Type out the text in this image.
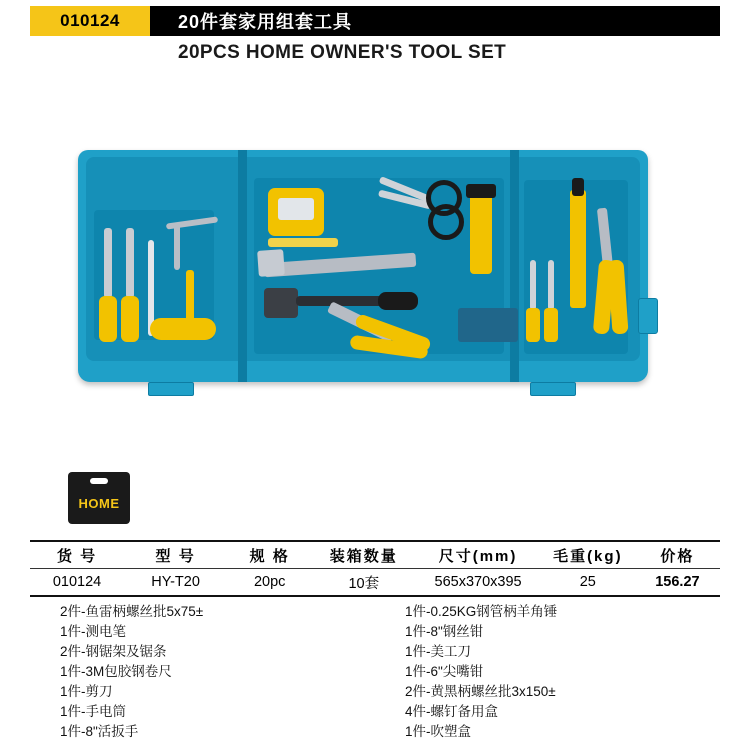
010124	20件套家用组套工具
20PCS HOME OWNER'S TOOL SET
HOME
货 号	型 号	规 格	装箱数量	尺寸(mm)	毛重(kg)	价格
010124	HY-T20	20pc	10套	565x370x395	25	156.27
2件-鱼雷柄螺丝批5x75±
1件-测电笔
2件-钢锯架及锯条
1件-3M包胶钢卷尺
1件-剪刀
1件-手电筒
1件-8"活扳手
1件-0.25KG钢管柄羊角锤
1件-8"钢丝钳
1件-美工刀
1件-6"尖嘴钳
2件-黄黑柄螺丝批3x150±
4件-螺钉备用盒
1件-吹塑盒
